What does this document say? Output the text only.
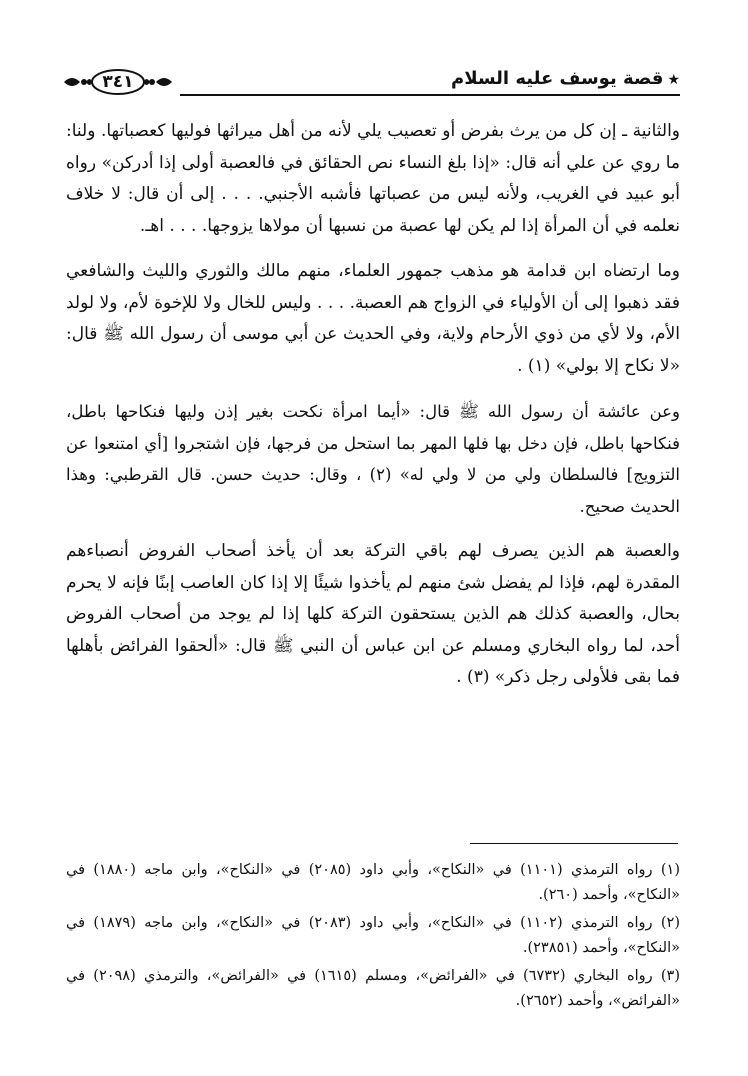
★قصة يوسف عليه السلام
٣٤١

والثانية ـ إن كل من يرث بفرض أو تعصيب يلي لأنه من أهل ميراثها فوليها كعصباتها. ولنا: ما روي عن علي أنه قال: «إذا بلغ النساء نص الحقائق في فالعصبة أولى إذا أدركن» رواه أبو عبيد في الغريب، ولأنه ليس من عصباتها فأشبه الأجنبي. . . . إلى أن قال: لا خلاف نعلمه في أن المرأة إذا لم يكن لها عصبة من نسبها أن مولاها يزوجها. . . . اهـ.

وما ارتضاه ابن قدامة هو مذهب جمهور العلماء، منهم مالك والثوري والليث والشافعي فقد ذهبوا إلى أن الأولياء في الزواج هم العصبة. . . . وليس للخال ولا للإخوة لأم، ولا لولد الأم، ولا لأي من ذوي الأرحام ولاية، وفي الحديث عن أبي موسى أن رسول الله ﷺ قال: «لا نكاح إلا بولي» (١) .

وعن عائشة أن رسول الله ﷺ قال: «أيما امرأة نكحت بغير إذن وليها فنكاحها باطل، فنكاحها باطل، فإن دخل بها فلها المهر بما استحل من فرجها، فإن اشتجروا [أي امتنعوا عن التزويج] فالسلطان ولي من لا ولي له» (٢) ، وقال: حديث حسن. قال القرطبي: وهذا الحديث صحيح.

والعصبة هم الذين يصرف لهم باقي التركة بعد أن يأخذ أصحاب الفروض أنصباءهم المقدرة لهم، فإذا لم يفضل شئ منهم لم يأخذوا شيئًا إلا إذا كان العاصب إبنًا فإنه لا يحرم بحال، والعصبة كذلك هم الذين يستحقون التركة كلها إذا لم يوجد من أصحاب الفروض أحد، لما رواه البخاري ومسلم عن ابن عباس أن النبي ﷺ قال: «ألحقوا الفرائض بأهلها فما بقى فلأولى رجل ذكر» (٣) .

(١) رواه الترمذي (١١٠١) في «النكاح»، وأبي داود (٢٠٨٥) في «النكاح»، وابن ماجه (١٨٨٠) في «النكاح»، وأحمد (٢٦٠).

(٢) رواه الترمذي (١١٠٢) في «النكاح»، وأبي داود (٢٠٨٣) في «النكاح»، وابن ماجه (١٨٧٩) في «النكاح»، وأحمد (٢٣٨٥١).

(٣) رواه البخاري (٦٧٣٢) في «الفرائض»، ومسلم (١٦١٥) في «الفرائض»، والترمذي (٢٠٩٨) في «الفرائض»، وأحمد (٢٦٥٢).
